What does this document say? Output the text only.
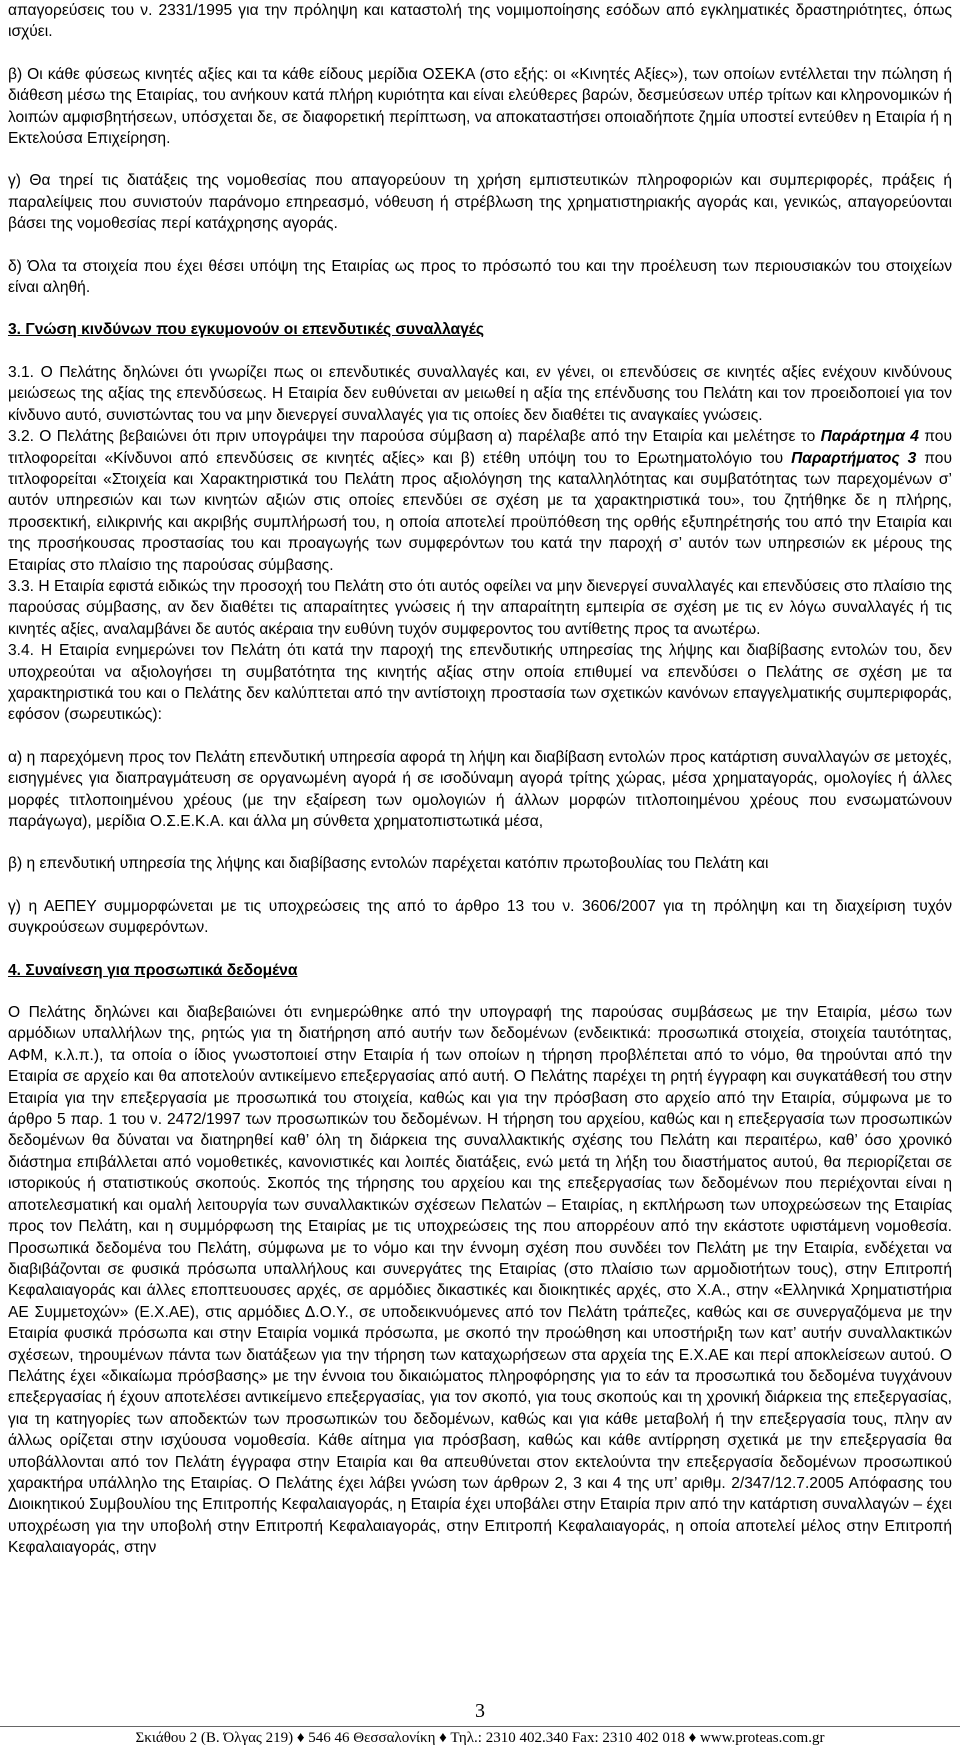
απαγορεύσεις του ν. 2331/1995 για την πρόληψη και καταστολή της νομιμοποίησης εσόδων από εγκληματικές δραστηριότητες, όπως ισχύει.

β) Οι κάθε φύσεως κινητές αξίες και τα κάθε είδους μερίδια ΟΣΕΚΑ (στο εξής: οι «Κινητές Αξίες»), των οποίων εντέλλεται την πώληση ή διάθεση μέσω της Εταιρίας, του ανήκουν κατά πλήρη κυριότητα και είναι ελεύθερες βαρών, δεσμεύσεων υπέρ τρίτων και κληρονομικών ή λοιπών αμφισβητήσεων, υπόσχεται δε, σε διαφορετική περίπτωση, να αποκαταστήσει οποιαδήποτε ζημία υποστεί εντεύθεν η Εταιρία ή η Εκτελούσα Επιχείρηση.

γ) Θα τηρεί τις διατάξεις της νομοθεσίας που απαγορεύουν τη χρήση εμπιστευτικών πληροφοριών και συμπεριφορές, πράξεις ή παραλείψεις που συνιστούν παράνομο επηρεασμό, νόθευση ή στρέβλωση της χρηματιστηριακής αγοράς και, γενικώς, απαγορεύονται βάσει της νομοθεσίας περί κατάχρησης αγοράς.

δ) Όλα τα στοιχεία που έχει θέσει υπόψη της Εταιρίας ως προς το πρόσωπό του και την προέλευση των περιουσιακών του στοιχείων είναι αληθή.

3. Γνώση κινδύνων που εγκυμονούν οι επενδυτικές συναλλαγές

3.1. Ο Πελάτης δηλώνει ότι γνωρίζει πως οι επενδυτικές συναλλαγές και, εν γένει, οι επενδύσεις σε κινητές αξίες ενέχουν κινδύνους μειώσεως της αξίας της επενδύσεως. Η Εταιρία δεν ευθύνεται αν μειωθεί η αξία της επένδυσης του Πελάτη και τον προειδοποιεί για τον κίνδυνο αυτό, συνιστώντας του να μην διενεργεί συναλλαγές για τις οποίες δεν διαθέτει τις αναγκαίες γνώσεις.

3.2. Ο Πελάτης βεβαιώνει ότι πριν υπογράψει την παρούσα σύμβαση α) παρέλαβε από την Εταιρία και μελέτησε το Παράρτημα 4 που τιτλοφορείται «Κίνδυνοι από επενδύσεις σε κινητές αξίες» και β) ετέθη υπόψη του το Ερωτηματολόγιο του Παραρτήματος 3 που τιτλοφορείται «Στοιχεία και Χαρακτηριστικά του Πελάτη προς αξιολόγηση της καταλληλότητας και συμβατότητας των παρεχομένων σ’ αυτόν υπηρεσιών και των κινητών αξιών στις οποίες επενδύει σε σχέση με τα χαρακτηριστικά του», του ζητήθηκε δε η πλήρης, προσεκτική, ειλικρινής και ακριβής συμπλήρωσή του, η οποία αποτελεί προϋπόθεση της ορθής εξυπηρέτησής του από την Εταιρία και της προσήκουσας προστασίας του και προαγωγής των συμφερόντων του κατά την παροχή σ’ αυτόν των υπηρεσιών εκ μέρους της Εταιρίας στο πλαίσιο της παρούσας σύμβασης.

3.3. Η Εταιρία εφιστά ειδικώς την προσοχή του Πελάτη στο ότι αυτός οφείλει να μην διενεργεί συναλλαγές και επενδύσεις στο πλαίσιο της παρούσας σύμβασης, αν δεν διαθέτει τις απαραίτητες γνώσεις ή την απαραίτητη εμπειρία σε σχέση με τις εν λόγω συναλλαγές ή τις κινητές αξίες, αναλαμβάνει δε αυτός ακέραια την ευθύνη τυχόν συμφεροντος του αντίθετης προς τα ανωτέρω.

3.4. Η Εταιρία ενημερώνει τον Πελάτη ότι κατά την παροχή της επενδυτικής υπηρεσίας της λήψης και διαβίβασης εντολών του, δεν υποχρεούται να αξιολογήσει τη συμβατότητα της κινητής αξίας στην οποία επιθυμεί να επενδύσει ο Πελάτης σε σχέση με τα χαρακτηριστικά του και ο Πελάτης δεν καλύπτεται από την αντίστοιχη προστασία των σχετικών κανόνων επαγγελματικής συμπεριφοράς, εφόσον (σωρευτικώς):

α) η παρεχόμενη προς τον Πελάτη επενδυτική υπηρεσία αφορά τη λήψη και διαβίβαση εντολών προς κατάρτιση συναλλαγών σε μετοχές, εισηγμένες για διαπραγμάτευση σε οργανωμένη αγορά ή σε ισοδύναμη αγορά τρίτης χώρας, μέσα χρηματαγοράς, ομολογίες ή άλλες μορφές τιτλοποιημένου χρέους (με την εξαίρεση των ομολογιών ή άλλων μορφών τιτλοποιημένου χρέους που ενσωματώνουν παράγωγα), μερίδια Ο.Σ.Ε.Κ.Α. και άλλα μη σύνθετα χρηματοπιστωτικά μέσα,

β) η επενδυτική υπηρεσία της λήψης και διαβίβασης εντολών παρέχεται κατόπιν πρωτοβουλίας του Πελάτη και

γ) η ΑΕΠΕΥ συμμορφώνεται με τις υποχρεώσεις της από το άρθρο 13 του ν. 3606/2007 για τη πρόληψη και τη διαχείριση τυχόν συγκρούσεων συμφερόντων.

4. Συναίνεση για προσωπικά δεδομένα

Ο Πελάτης δηλώνει και διαβεβαιώνει ότι ενημερώθηκε από την υπογραφή της παρούσας συμβάσεως με την Εταιρία, μέσω των αρμόδιων υπαλλήλων της, ρητώς για τη διατήρηση από αυτήν των δεδομένων (ενδεικτικά: προσωπικά στοιχεία, στοιχεία ταυτότητας, ΑΦΜ, κ.λ.π.), τα οποία ο ίδιος γνωστοποιεί στην Εταιρία ή των οποίων η τήρηση προβλέπεται από το νόμο, θα τηρούνται από την Εταιρία σε αρχείο και θα αποτελούν αντικείμενο επεξεργασίας από αυτή. Ο Πελάτης παρέχει τη ρητή έγγραφη και συγκατάθεσή του στην Εταιρία για την επεξεργασία με προσωπικά του στοιχεία, καθώς και για την πρόσβαση στο αρχείο από την Εταιρία, σύμφωνα με το άρθρο 5 παρ. 1 του ν. 2472/1997 των προσωπικών του δεδομένων. Η τήρηση του αρχείου, καθώς και η επεξεργασία των προσωπικών δεδομένων θα δύναται να διατηρηθεί καθ’ όλη τη διάρκεια της συναλλακτικής σχέσης του Πελάτη και περαιτέρω, καθ’ όσο χρονικό διάστημα επιβάλλεται από νομοθετικές, κανονιστικές και λοιπές διατάξεις, ενώ μετά τη λήξη του διαστήματος αυτού, θα περιορίζεται σε ιστορικούς ή στατιστικούς σκοπούς. Σκοπός της τήρησης του αρχείου και της επεξεργασίας των δεδομένων που περιέχονται είναι η αποτελεσματική και ομαλή λειτουργία των συναλλακτικών σχέσεων Πελατών – Εταιρίας, η εκπλήρωση των υποχρεώσεων της Εταιρίας προς τον Πελάτη, και η συμμόρφωση της Εταιρίας με τις υποχρεώσεις της που απορρέουν από την εκάστοτε υφιστάμενη νομοθεσία. Προσωπικά δεδομένα του Πελάτη, σύμφωνα με το νόμο και την έννομη σχέση που συνδέει τον Πελάτη με την Εταιρία, ενδέχεται να διαβιβάζονται σε φυσικά πρόσωπα υπαλλήλους και συνεργάτες της Εταιρίας (στο πλαίσιο των αρμοδιοτήτων τους), στην Επιτροπή Κεφαλαιαγοράς και άλλες εποπτευουσες αρχές, σε αρμόδιες δικαστικές και διοικητικές αρχές, στο Χ.Α., στην «Ελληνικά Χρηματιστήρια ΑΕ Συμμετοχών» (Ε.Χ.ΑΕ), στις αρμόδιες Δ.Ο.Υ., σε υποδεικνυόμενες από τον Πελάτη τράπεζες, καθώς και σε συνεργαζόμενα με την Εταιρία φυσικά πρόσωπα και στην Εταιρία νομικά πρόσωπα, με σκοπό την προώθηση και υποστήριξη των κατ’ αυτήν συναλλακτικών σχέσεων, τηρουμένων πάντα των διατάξεων για την τήρηση των καταχωρήσεων στα αρχεία της Ε.Χ.ΑΕ και περί αποκλείσεων αυτού. Ο Πελάτης έχει «δικαίωμα πρόσβασης» με την έννοια του δικαιώματος πληροφόρησης για το εάν τα προσωπικά του δεδομένα τυγχάνουν επεξεργασίας ή έχουν αποτελέσει αντικείμενο επεξεργασίας, για τον σκοπό, για τους σκοπούς και τη χρονική διάρκεια της επεξεργασίας, για τη κατηγορίες των αποδεκτών των προσωπικών του δεδομένων, καθώς και για κάθε μεταβολή ή την επεξεργασία τους, πλην αν άλλως ορίζεται στην ισχύουσα νομοθεσία. Κάθε αίτημα για πρόσβαση, καθώς και κάθε αντίρρηση σχετικά με την επεξεργασία θα υποβάλλονται από τον Πελάτη έγγραφα στην Εταιρία και θα απευθύνεται στον εκτελούντα την επεξεργασία δεδομένων προσωπικού χαρακτήρα υπάλληλο της Εταιρίας. Ο Πελάτης έχει λάβει γνώση των άρθρων 2, 3 και 4 της υπ’ αριθμ. 2/347/12.7.2005 Απόφασης του Διοικητικού Συμβουλίου της Επιτροπής Κεφαλαιαγοράς, η Εταιρία έχει υποβάλει στην Εταιρία πριν από την κατάρτιση συναλλαγών – έχει υποχρέωση για την υποβολή στην Επιτροπή Κεφαλαιαγοράς, στην Επιτροπή Κεφαλαιαγοράς, η οποία αποτελεί μέλος στην Επιτροπή Κεφαλαιαγοράς, στην

3
Σκιάθου 2 (Β. Όλγας 219) ♦ 546 46 Θεσσαλονίκη ♦ Τηλ.: 2310 402.340 Fax: 2310 402 018 ♦ www.proteas.com.gr
